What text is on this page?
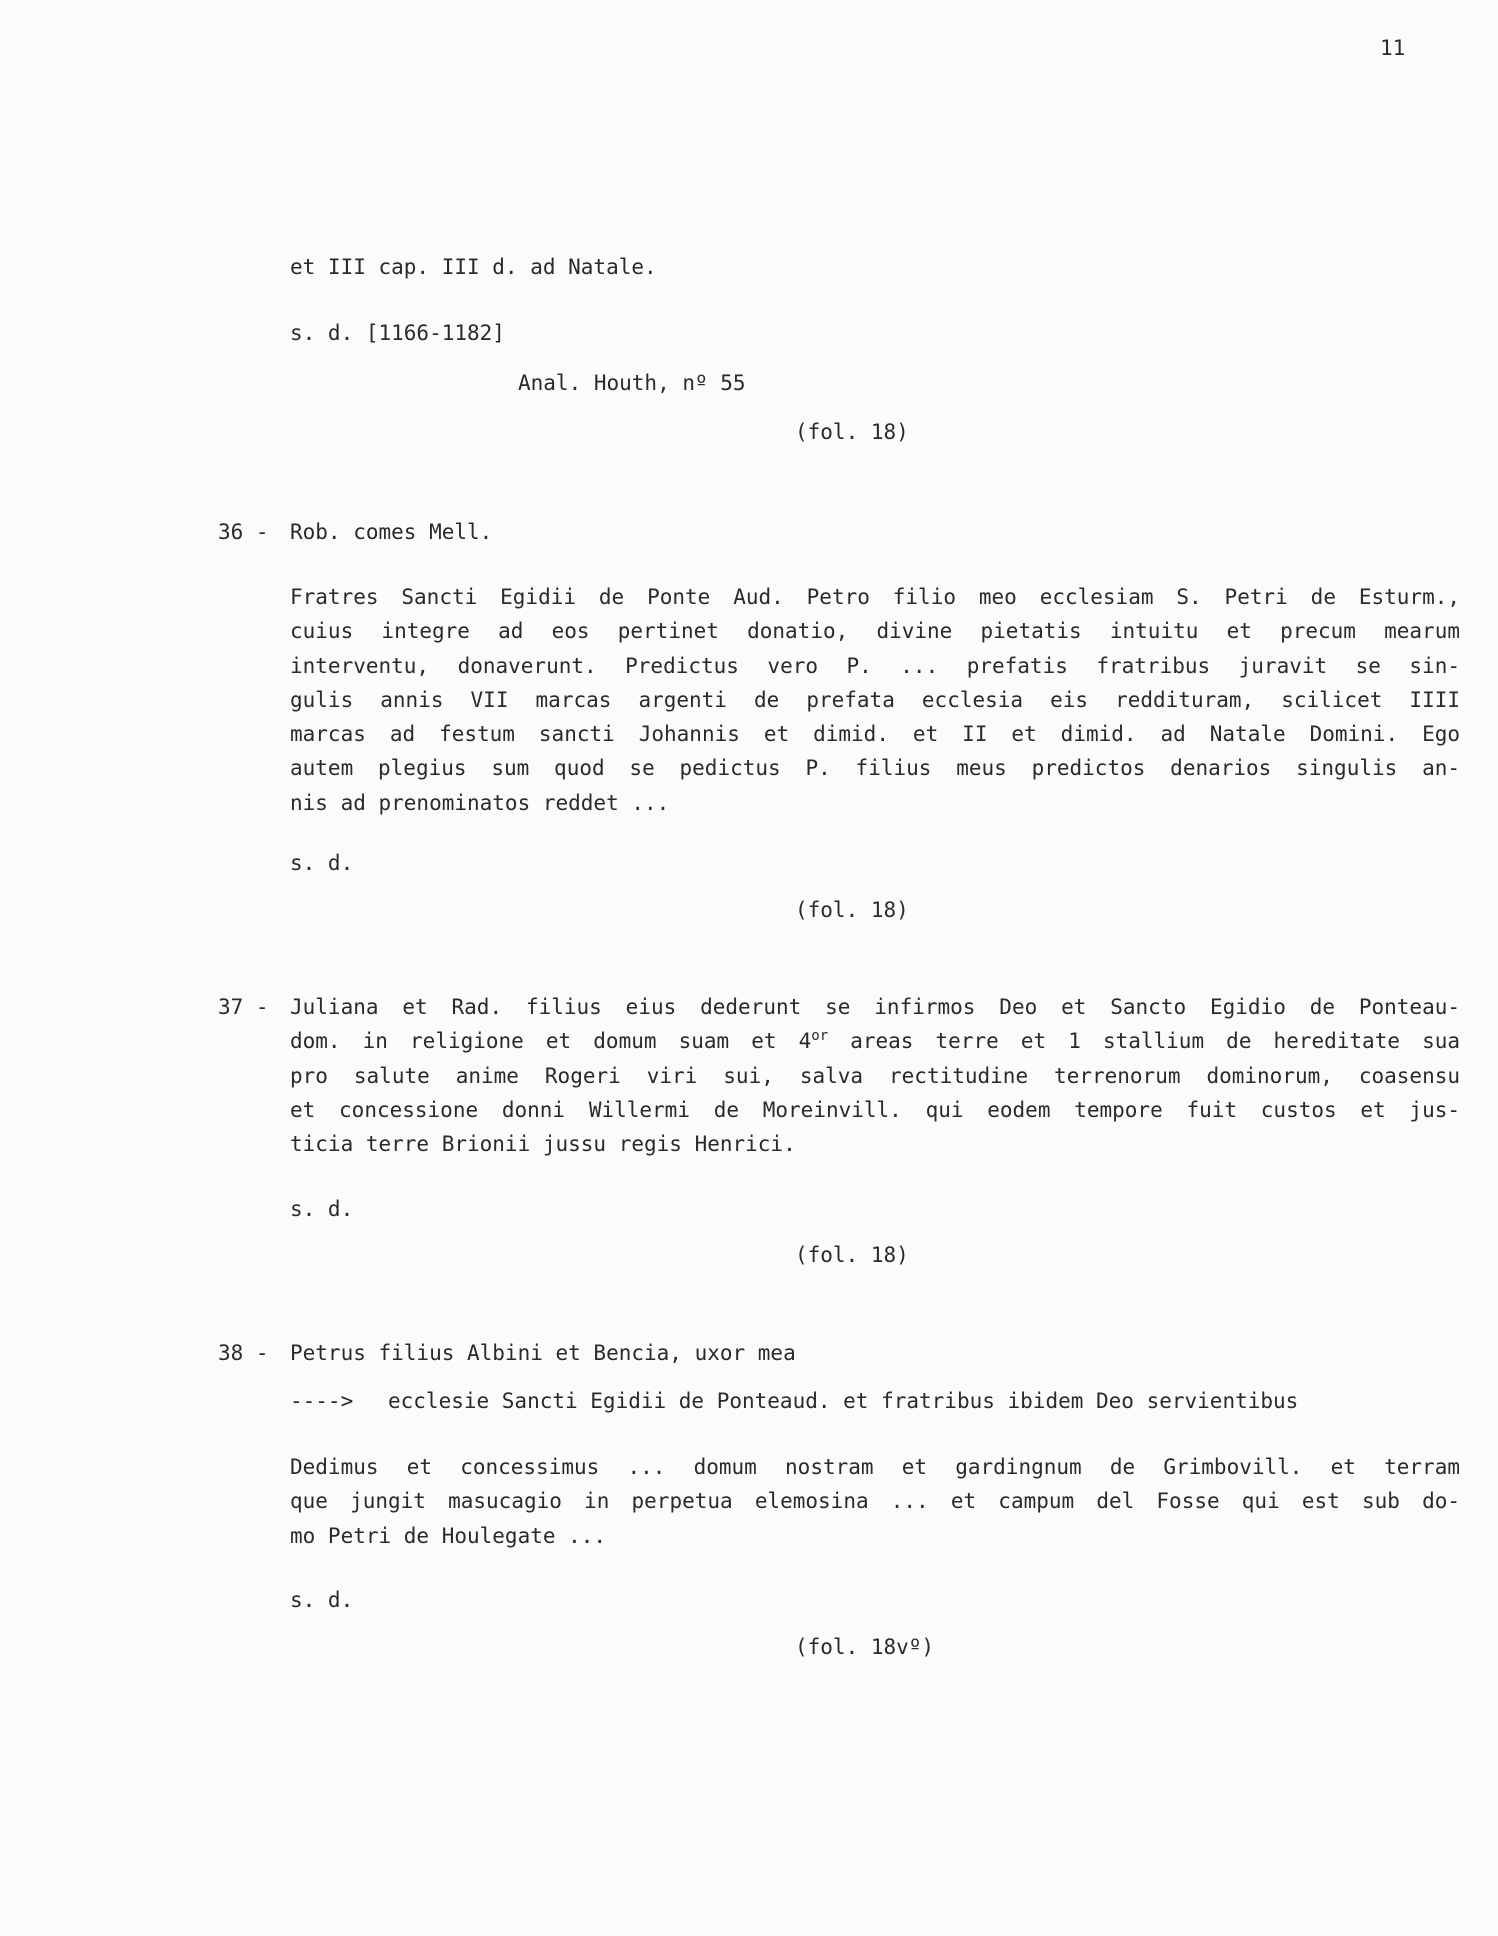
11
et III cap. III d. ad Natale.
s. d. [1166-1182]
Anal. Houth, nº 55
(fol. 18)
36 - Rob. comes Mell.
Fratres Sancti Egidii de Ponte Aud. Petro filio meo ecclesiam S. Petri de Esturm.,
cuius integre ad eos pertinet donatio, divine pietatis intuitu et precum mearum
interventu, donaverunt. Predictus vero P. ... prefatis fratribus juravit se sin-
gulis annis VII marcas argenti de prefata ecclesia eis reddituram, scilicet IIII
marcas ad festum sancti Johannis et dimid. et II et dimid. ad Natale Domini. Ego
autem plegius sum quod se pedictus P. filius meus predictos denarios singulis an-
nis ad prenominatos reddet ...
s. d.
(fol. 18)
37 - Juliana et Rad. filius eius dederunt se infirmos Deo et Sancto Egidio de Ponteau-
dom. in religione et domum suam et $4^{or}$ areas terre et 1 stallium de hereditate sua
pro salute anime Rogeri viri sui, salva rectitudine terrenorum dominorum, coasensu
et concessione donni Willermi de Moreinvill. qui eodem tempore fuit custos et jus-
ticia terre Brionii jussu regis Henrici.
s. d.
(fol. 18)
38 - Petrus filius Albini et Bencia, uxor mea
----> ecclesie Sancti Egidii de Ponteaud. et fratribus ibidem Deo servientibus
Dedimus et concessimus ... domum nostram et gardingnum de Grimbovill. et terram
que jungit masucagio in perpetua elemosina ... et campum del Fosse qui est sub do-
mo Petri de Houlegate ...
s. d.
(fol. 18vº)
